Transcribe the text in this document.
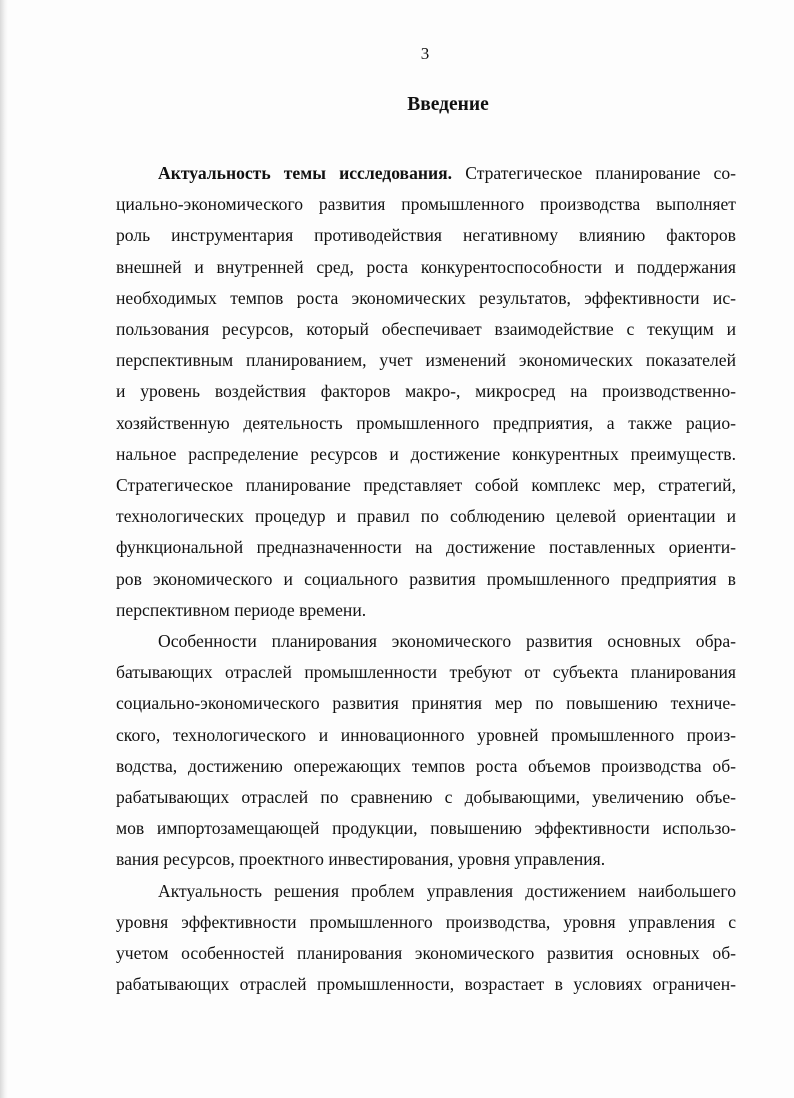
3
Введение
Актуальность темы исследования. Стратегическое планирование со-
циально-экономического развития промышленного производства выполняет
роль инструментария противодействия негативному влиянию факторов
внешней и внутренней сред, роста конкурентоспособности и поддержания
необходимых темпов роста экономических результатов, эффективности ис-
пользования ресурсов, который обеспечивает взаимодействие с текущим и
перспективным планированием, учет изменений экономических показателей
и уровень воздействия факторов макро-, микросред на производственно-
хозяйственную деятельность промышленного предприятия, а также рацио-
нальное распределение ресурсов и достижение конкурентных преимуществ.
Стратегическое планирование представляет собой комплекс мер, стратегий,
технологических процедур и правил по соблюдению целевой ориентации и
функциональной предназначенности на достижение поставленных ориенти-
ров экономического и социального развития промышленного предприятия в
перспективном периоде времени.
Особенности планирования экономического развития основных обра-
батывающих отраслей промышленности требуют от субъекта планирования
социально-экономического развития принятия мер по повышению техниче-
ского, технологического и инновационного уровней промышленного произ-
водства, достижению опережающих темпов роста объемов производства об-
рабатывающих отраслей по сравнению с добывающими, увеличению объе-
мов импортозамещающей продукции, повышению эффективности использо-
вания ресурсов, проектного инвестирования, уровня управления.
Актуальность решения проблем управления достижением наибольшего
уровня эффективности промышленного производства, уровня управления с
учетом особенностей планирования экономического развития основных об-
рабатывающих отраслей промышленности, возрастает в условиях ограничен-
